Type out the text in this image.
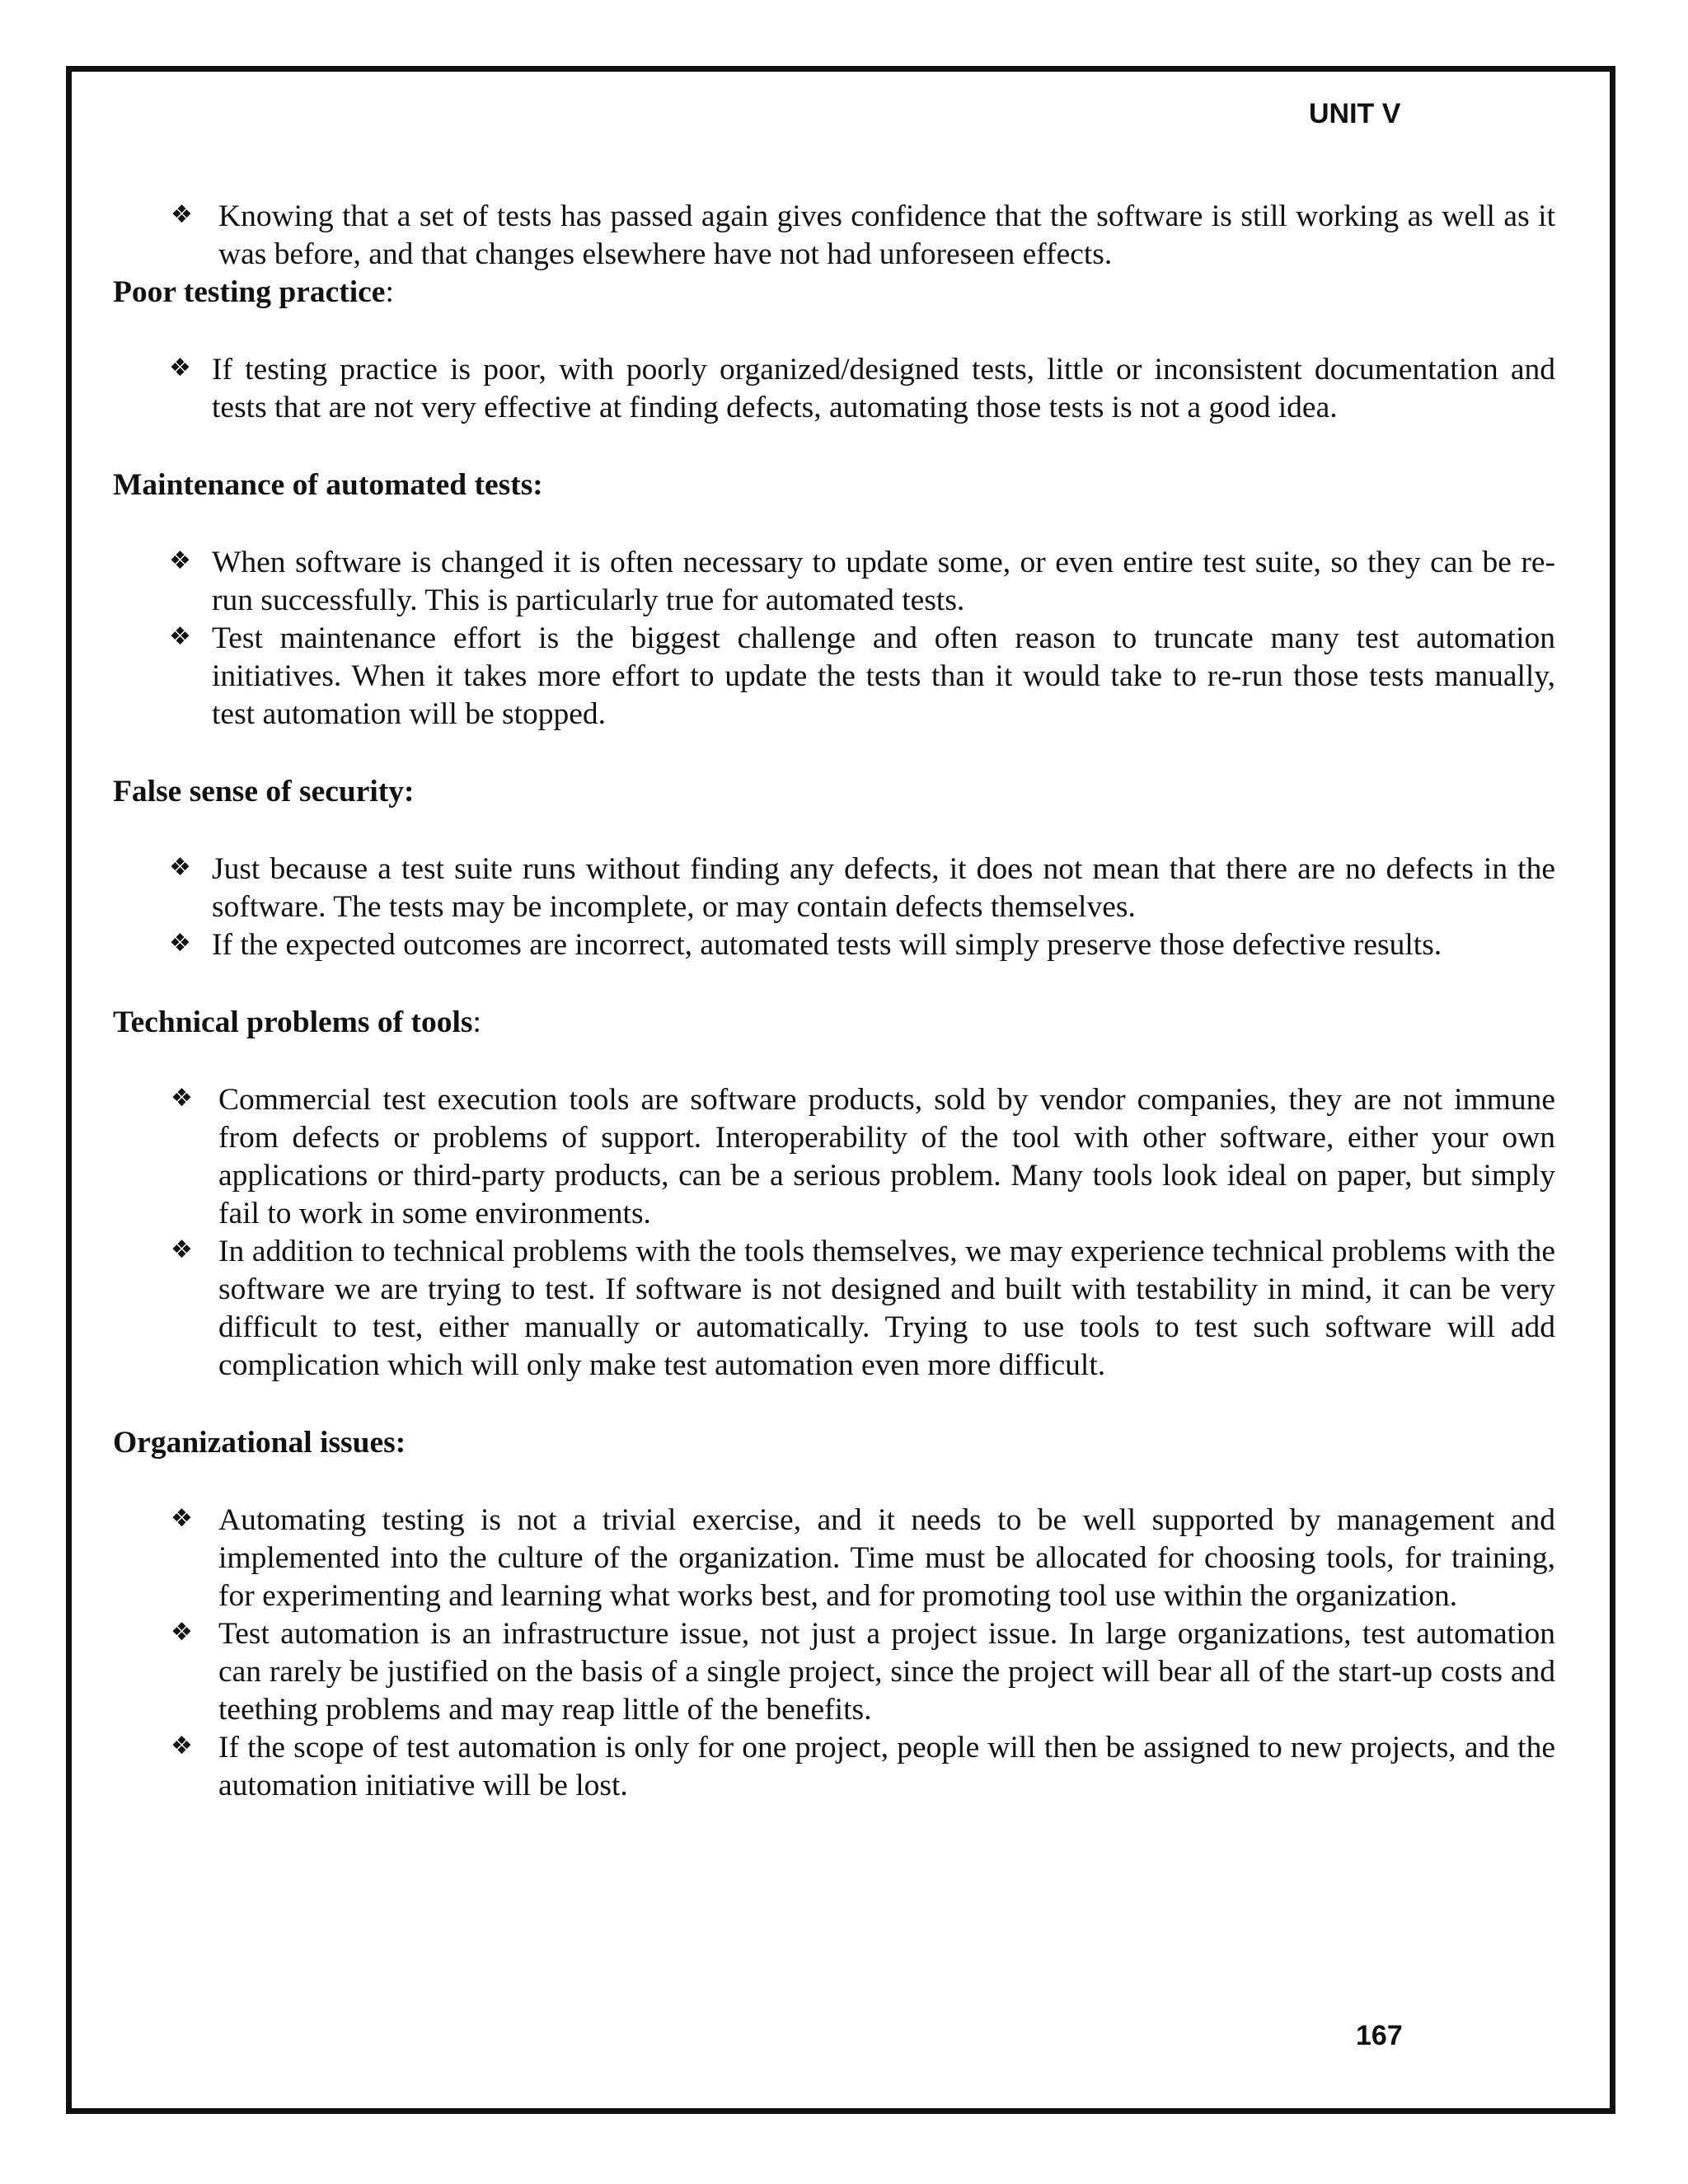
UNIT V
❖ Knowing that a set of tests has passed again gives confidence that the software is still working as well as it was before, and that changes elsewhere have not had unforeseen effects.
Poor testing practice:
❖ If testing practice is poor, with poorly organized/designed tests, little or inconsistent documentation and tests that are not very effective at finding defects, automating those tests is not a good idea.
Maintenance of automated tests:
❖ When software is changed it is often necessary to update some, or even entire test suite, so they can be re-run successfully. This is particularly true for automated tests.
❖ Test maintenance effort is the biggest challenge and often reason to truncate many test automation initiatives. When it takes more effort to update the tests than it would take to re-run those tests manually, test automation will be stopped.
False sense of security:
❖ Just because a test suite runs without finding any defects, it does not mean that there are no defects in the software. The tests may be incomplete, or may contain defects themselves.
❖ If the expected outcomes are incorrect, automated tests will simply preserve those defective results.
Technical problems of tools:
❖ Commercial test execution tools are software products, sold by vendor companies, they are not immune from defects or problems of support. Interoperability of the tool with other software, either your own applications or third-party products, can be a serious problem. Many tools look ideal on paper, but simply fail to work in some environments.
❖ In addition to technical problems with the tools themselves, we may experience technical problems with the software we are trying to test. If software is not designed and built with testability in mind, it can be very difficult to test, either manually or automatically. Trying to use tools to test such software will add complication which will only make test automation even more difficult.
Organizational issues:
❖ Automating testing is not a trivial exercise, and it needs to be well supported by management and implemented into the culture of the organization. Time must be allocated for choosing tools, for training, for experimenting and learning what works best, and for promoting tool use within the organization.
❖ Test automation is an infrastructure issue, not just a project issue. In large organizations, test automation can rarely be justified on the basis of a single project, since the project will bear all of the start-up costs and teething problems and may reap little of the benefits.
❖ If the scope of test automation is only for one project, people will then be assigned to new projects, and the automation initiative will be lost.
167
